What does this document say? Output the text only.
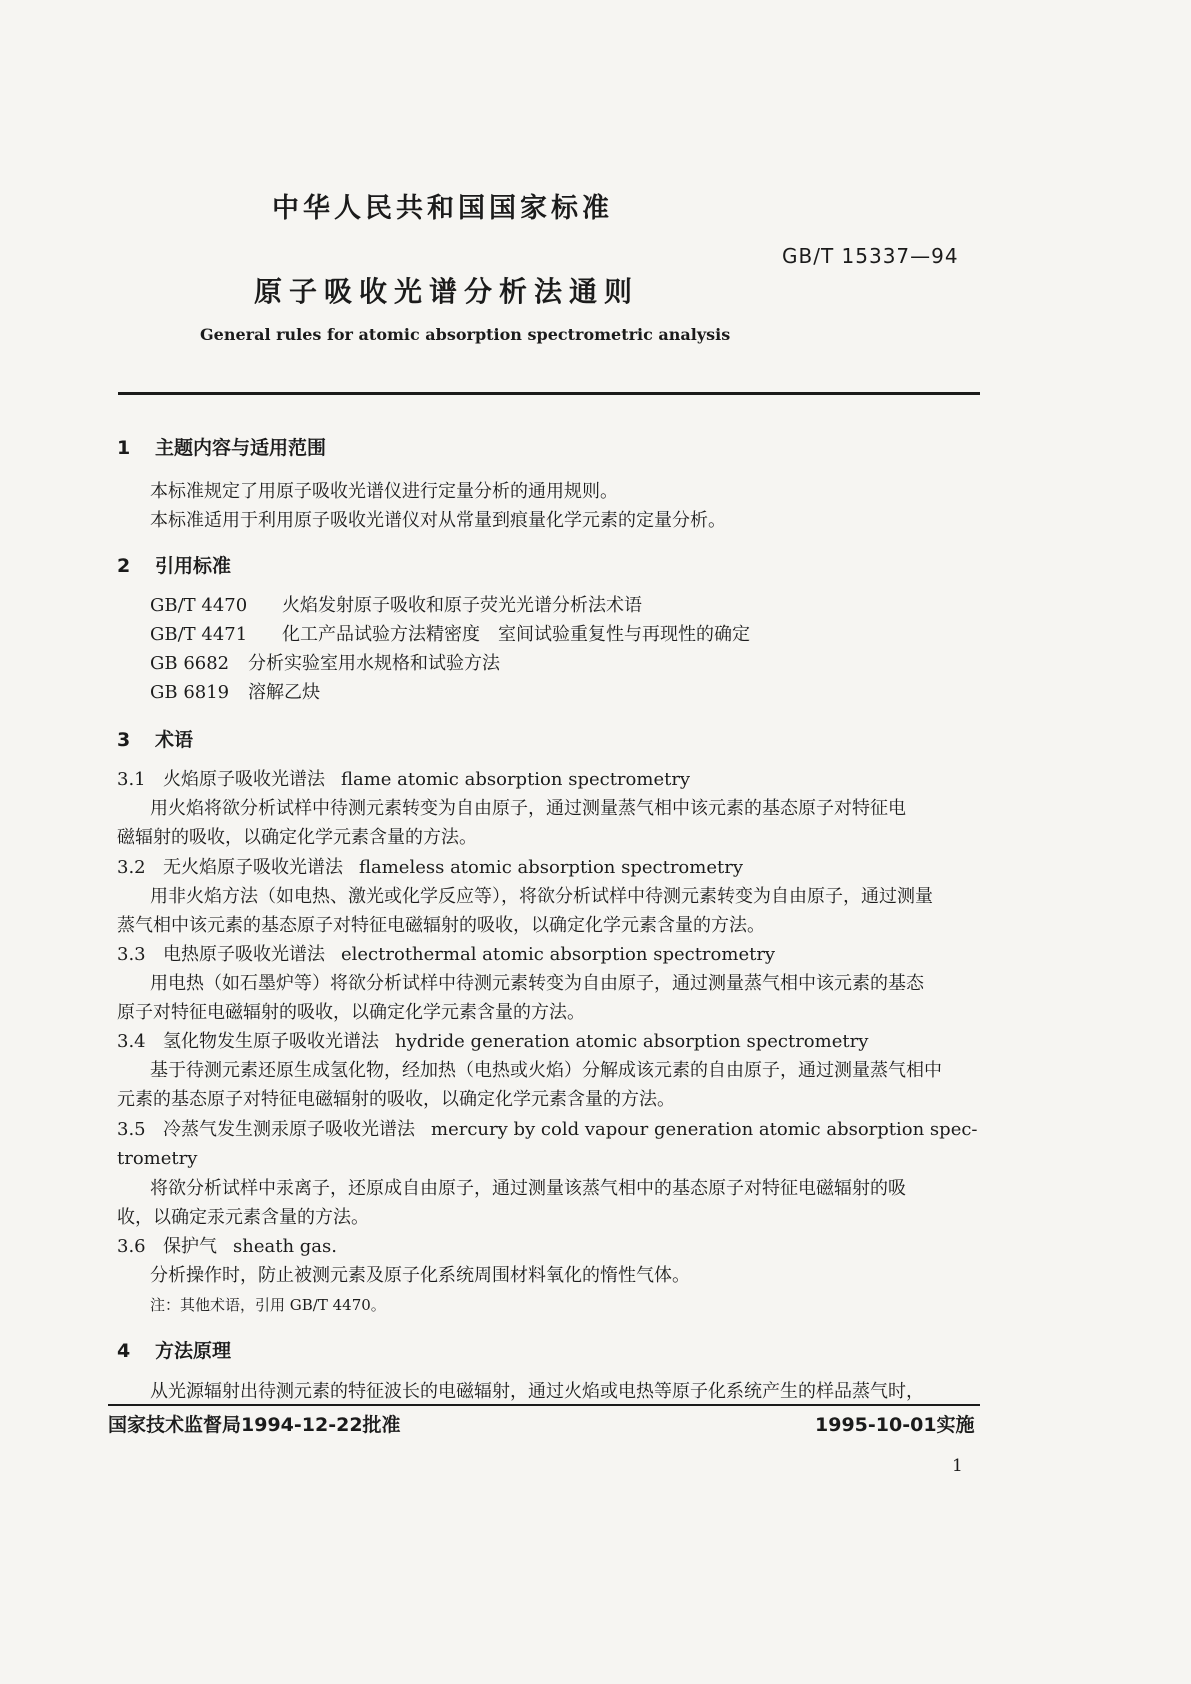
中华人民共和国国家标准
GB/T 15337—94
原子吸收光谱分析法通则
General rules for atomic absorption spectrometric analysis
1 主题内容与适用范围
本标准规定了用原子吸收光谱仪进行定量分析的通用规则。
本标准适用于利用原子吸收光谱仪对从常量到痕量化学元素的定量分析。
2 引用标准
GB/T 4470 火焰发射原子吸收和原子荧光光谱分析法术语
GB/T 4471 化工产品试验方法精密度　室间试验重复性与再现性的确定
GB 6682 分析实验室用水规格和试验方法
GB 6819 溶解乙炔
3 术语
3.1 火焰原子吸收光谱法 flame atomic absorption spectrometry
用火焰将欲分析试样中待测元素转变为自由原子，通过测量蒸气相中该元素的基态原子对特征电
磁辐射的吸收，以确定化学元素含量的方法。
3.2 无火焰原子吸收光谱法 flameless atomic absorption spectrometry
用非火焰方法（如电热、激光或化学反应等），将欲分析试样中待测元素转变为自由原子，通过测量
蒸气相中该元素的基态原子对特征电磁辐射的吸收，以确定化学元素含量的方法。
3.3 电热原子吸收光谱法 electrothermal atomic absorption spectrometry
用电热（如石墨炉等）将欲分析试样中待测元素转变为自由原子，通过测量蒸气相中该元素的基态
原子对特征电磁辐射的吸收，以确定化学元素含量的方法。
3.4 氢化物发生原子吸收光谱法 hydride generation atomic absorption spectrometry
基于待测元素还原生成氢化物，经加热（电热或火焰）分解成该元素的自由原子，通过测量蒸气相中
元素的基态原子对特征电磁辐射的吸收，以确定化学元素含量的方法。
3.5 冷蒸气发生测汞原子吸收光谱法 mercury by cold vapour generation atomic absorption spec-
trometry
将欲分析试样中汞离子，还原成自由原子，通过测量该蒸气相中的基态原子对特征电磁辐射的吸
收，以确定汞元素含量的方法。
3.6 保护气 sheath gas.
分析操作时，防止被测元素及原子化系统周围材料氧化的惰性气体。
注：其他术语，引用 GB/T 4470。
4 方法原理
从光源辐射出待测元素的特征波长的电磁辐射，通过火焰或电热等原子化系统产生的样品蒸气时，
国家技术监督局1994-12-22批准	1995-10-01实施
1
